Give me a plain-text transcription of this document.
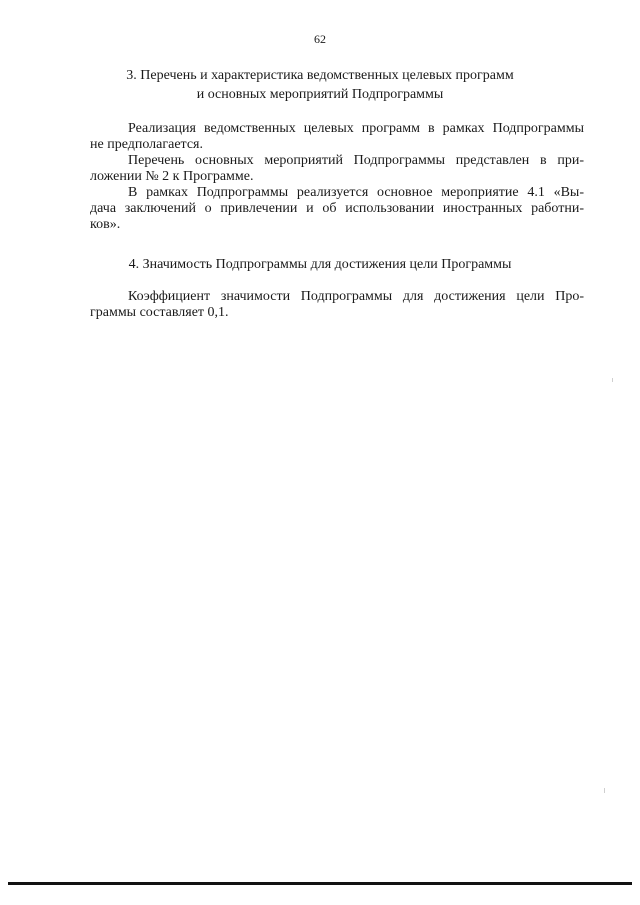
62
3. Перечень и характеристика ведомственных целевых программ
и основных мероприятий Подпрограммы
Реализация ведомственных целевых программ в рамках Подпрограммы
не предполагается.
Перечень основных мероприятий Подпрограммы представлен в при-
ложении № 2 к Программе.
В рамках Подпрограммы реализуется основное мероприятие 4.1 «Вы-
дача заключений о привлечении и об использовании иностранных работни-
ков».
4. Значимость Подпрограммы для достижения цели Программы
Коэффициент значимости Подпрограммы для достижения цели Про-
граммы составляет 0,1.
